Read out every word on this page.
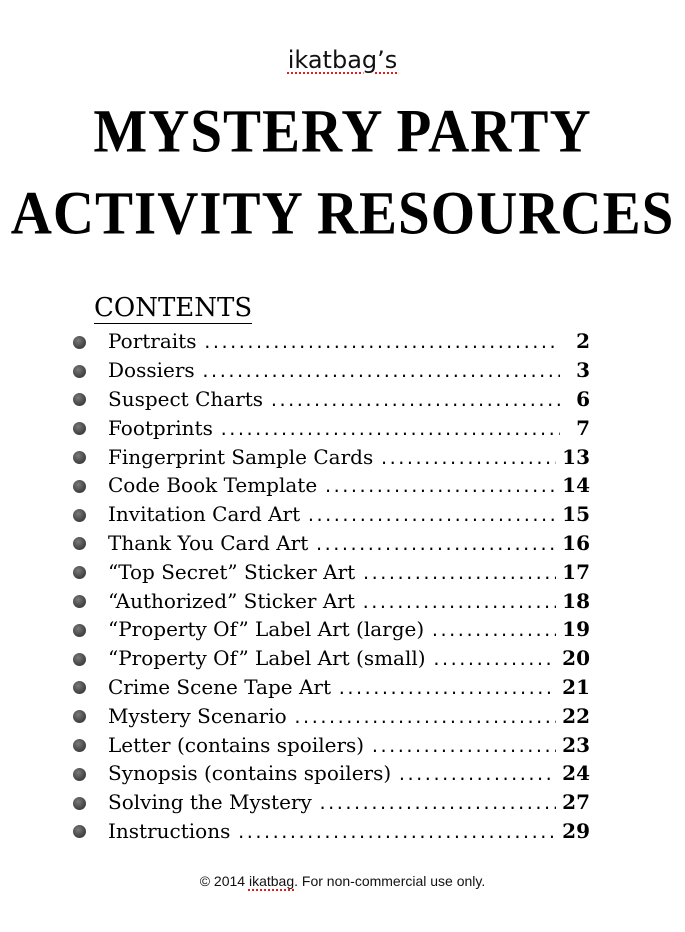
ikatbag’s
MYSTERY PARTY
ACTIVITY RESOURCES
CONTENTS
Portraits .....	2
Dossiers .....	3
Suspect Charts .....	6
Footprints .....	7
Fingerprint Sample Cards .....	13
Code Book Template .....	14
Invitation Card Art .....	15
Thank You Card Art .....	16
“Top Secret” Sticker Art .....	17
“Authorized” Sticker Art .....	18
“Property Of” Label Art (large) .....	19
“Property Of” Label Art (small) .....	20
Crime Scene Tape Art .....	21
Mystery Scenario .....	22
Letter (contains spoilers) .....	23
Synopsis (contains spoilers) .....	24
Solving the Mystery .....	27
Instructions .....	29
© 2014 ikatbag. For non-commercial use only.
